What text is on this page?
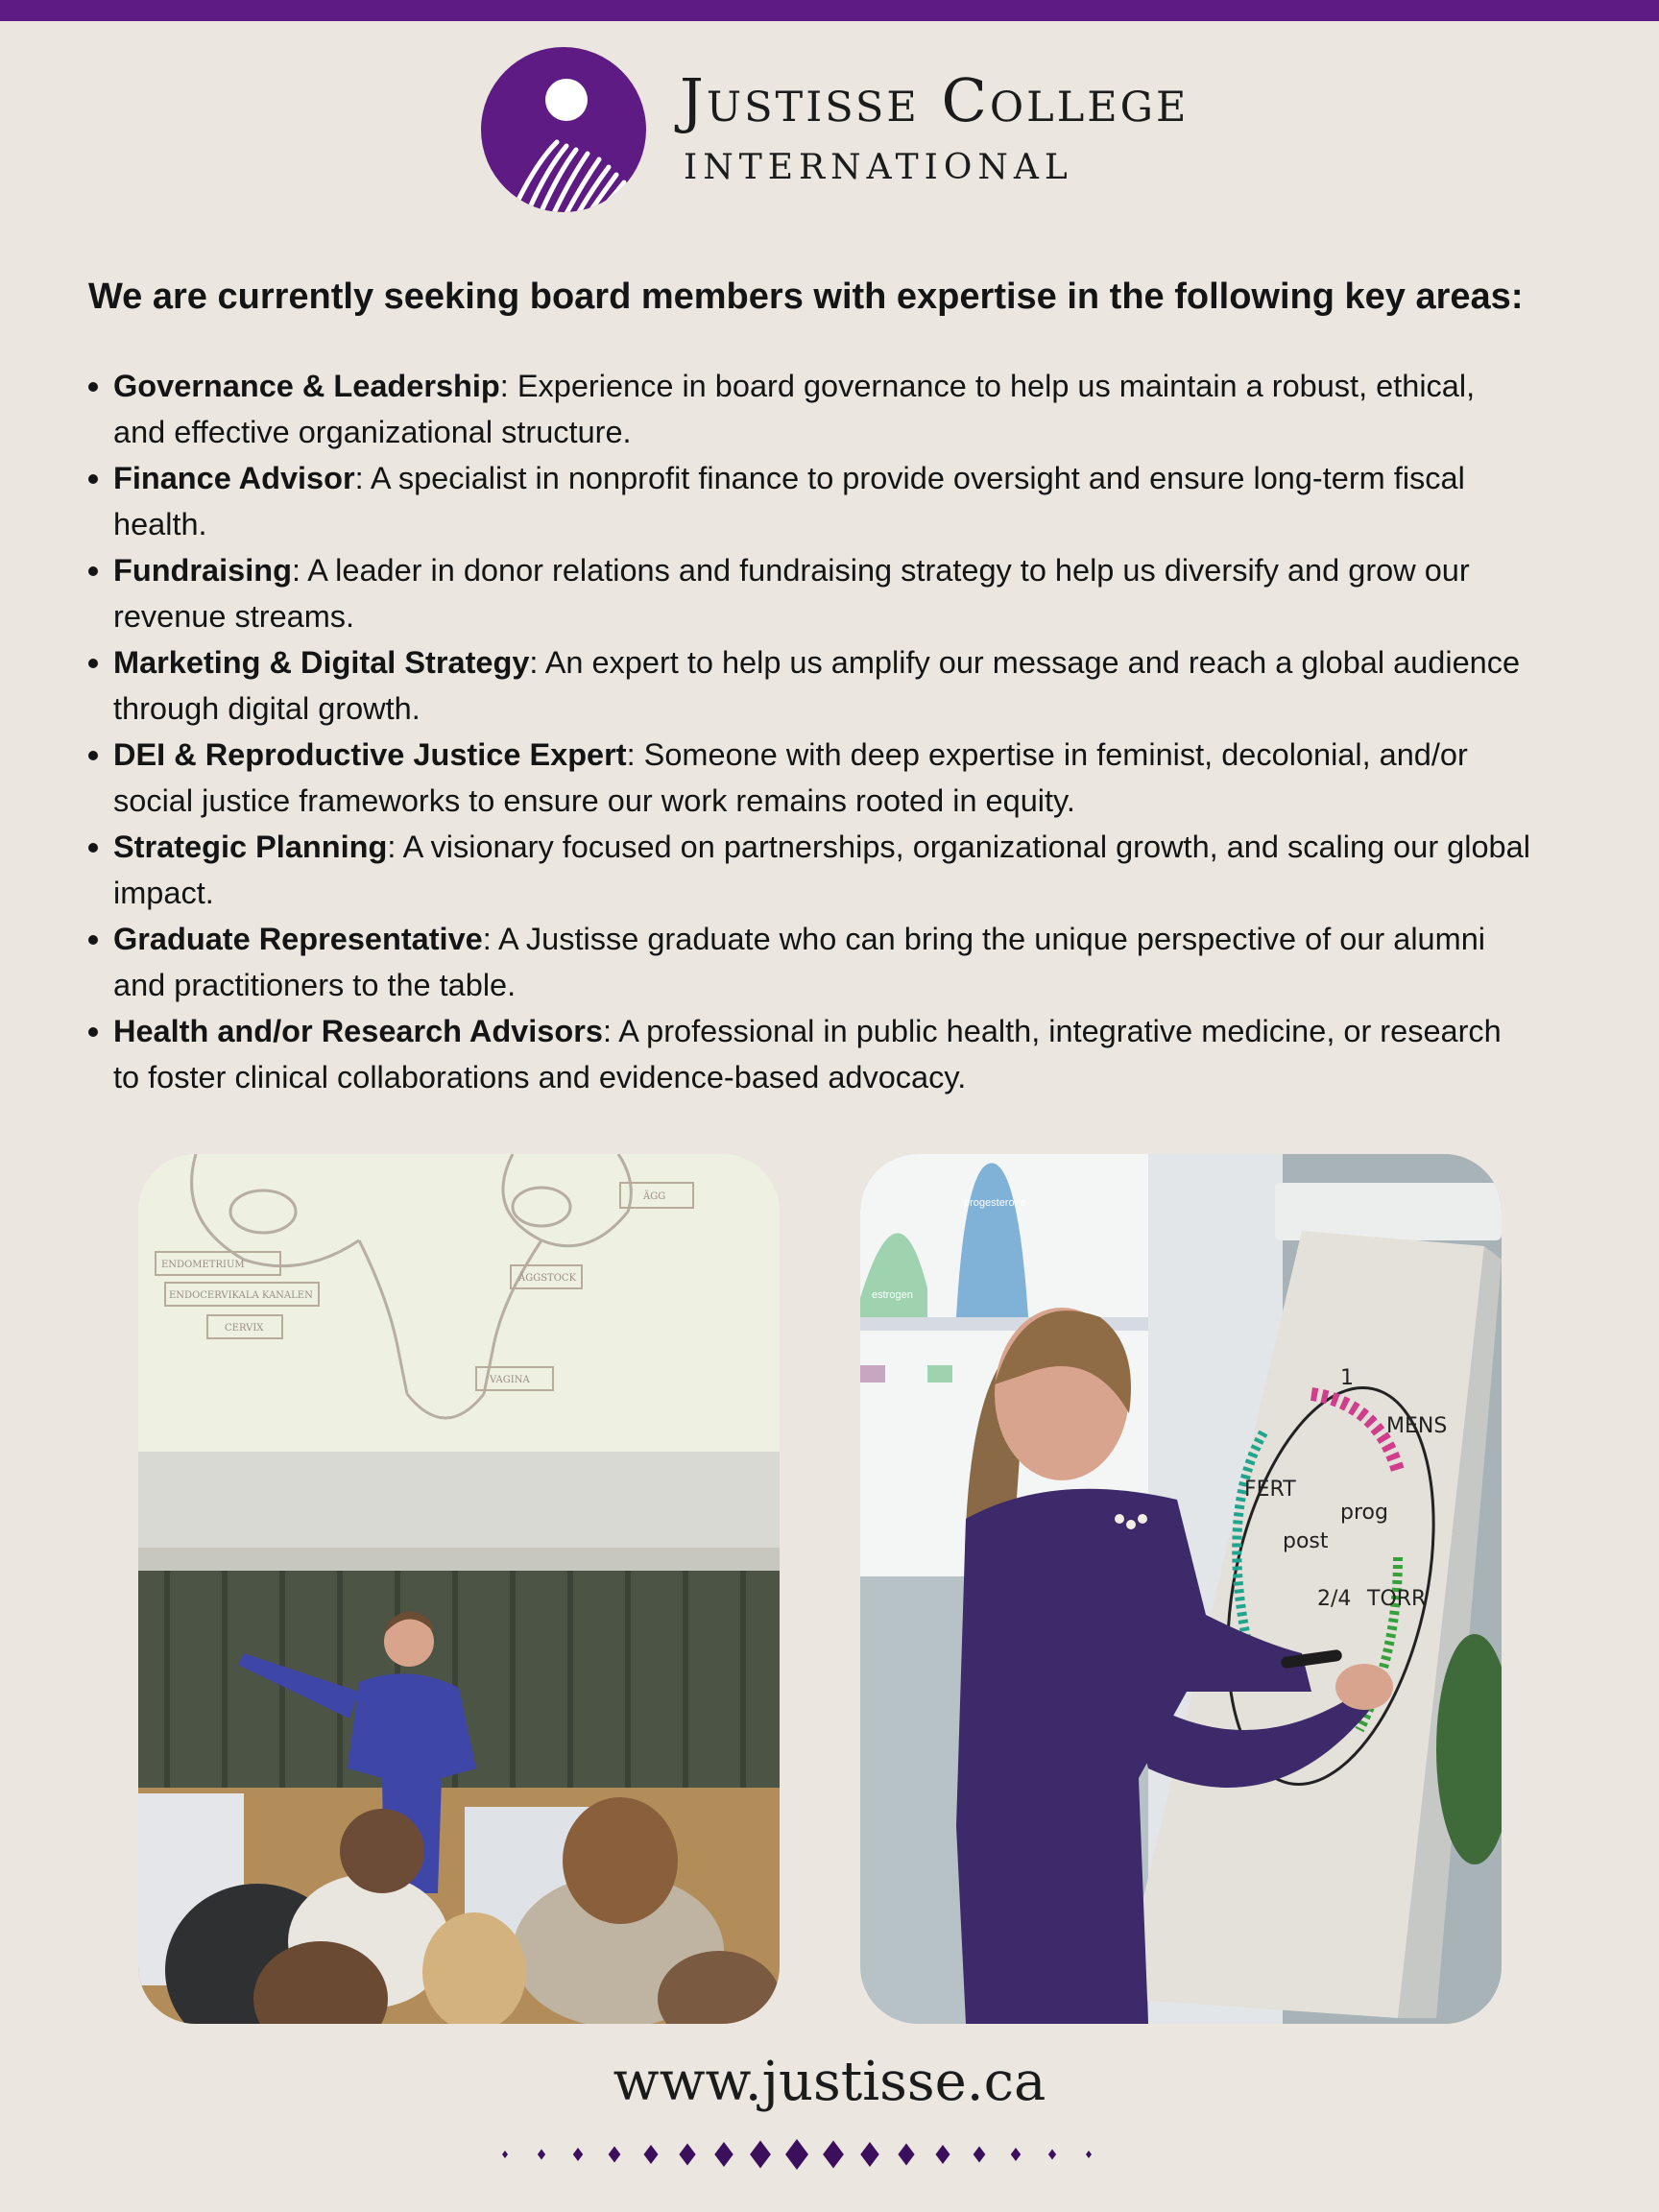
Justisse College
INTERNATIONAL
We are currently seeking board members with expertise in the following key areas:
Governance & Leadership: Experience in board governance to help us maintain a robust, ethical, and effective organizational structure.
Finance Advisor: A specialist in nonprofit finance to provide oversight and ensure long-term fiscal health.
Fundraising: A leader in donor relations and fundraising strategy to help us diversify and grow our revenue streams.
Marketing & Digital Strategy: An expert to help us amplify our message and reach a global audience through digital growth.
DEI & Reproductive Justice Expert: Someone with deep expertise in feminist, decolonial, and/or social justice frameworks to ensure our work remains rooted in equity.
Strategic Planning: A visionary focused on partnerships, organizational growth, and scaling our global impact.
Graduate Representative: A Justisse graduate who can bring the unique perspective of our alumni and practitioners to the table.
Health and/or Research Advisors: A professional in public health, integrative medicine, or research to foster clinical collaborations and evidence-based advocacy.
ENDOMETRIUM
ENDOCERVIKALA KANALEN
CERVIX
ÄGGSTOCK
ÄGG
VAGINA
progesterone
estrogen
MENS
FERT
post
prog
2/4 TORR
1
www.justisse.ca
